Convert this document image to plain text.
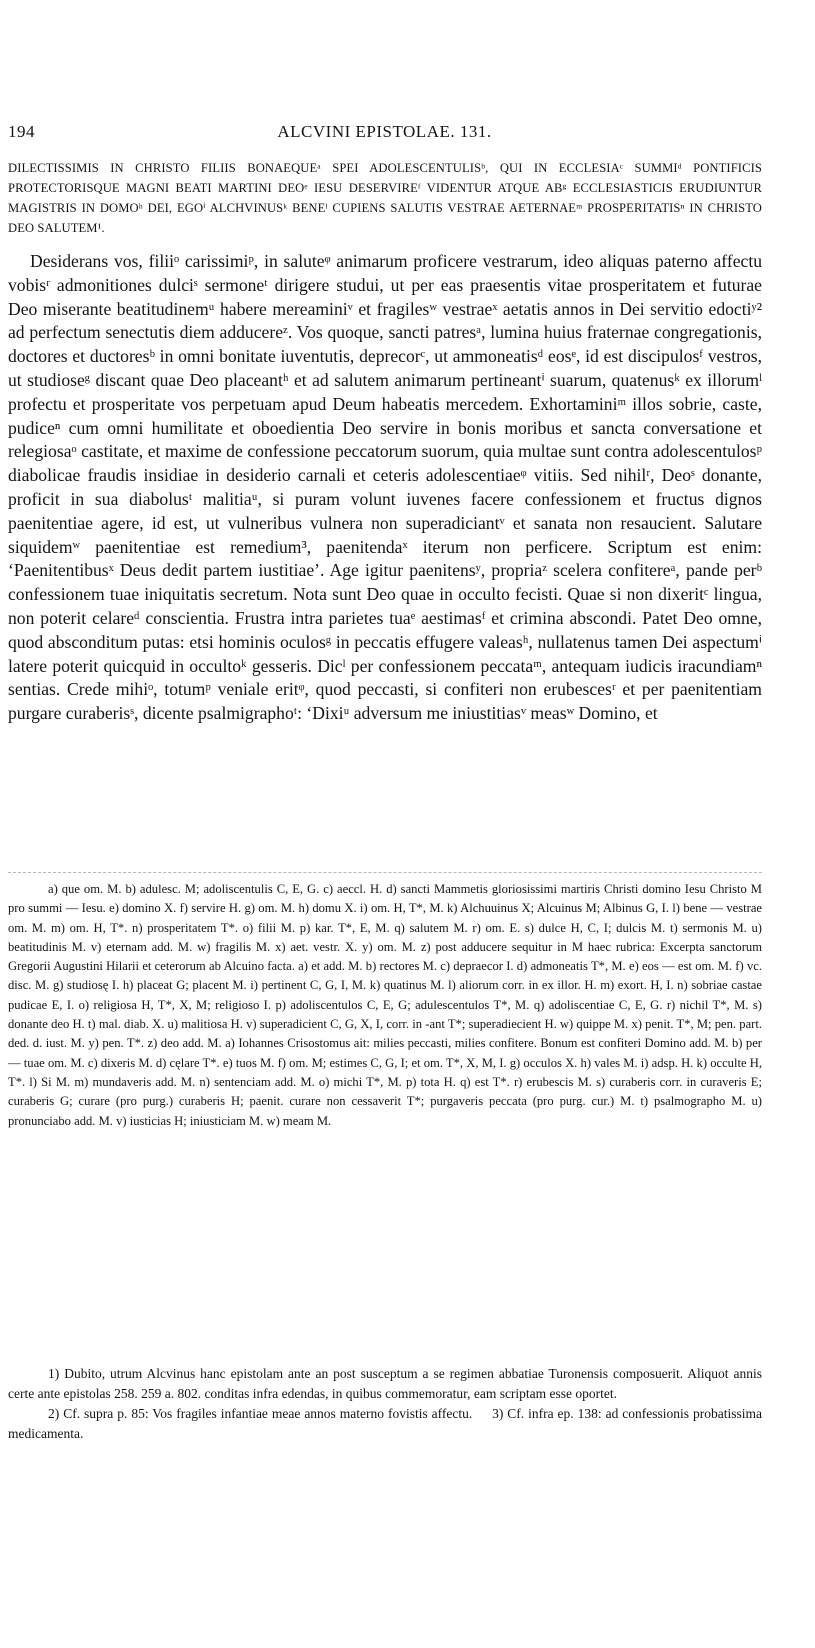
194	ALCVINI EPISTOLAE. 131.
DILECTISSIMIS IN CHRISTO FILIIS BONAEQUEᵃ SPEI ADOLESCENTULISᵇ, QUI IN ECCLESIAᶜ SUMMIᵈ PONTIFICIS PROTECTORISQUE MAGNI BEATI MARTINI DEOᵉ IESU DESERVIREᶠ VIDENTUR ATQUE ABᵍ ECCLESIASTICIS ERUDIUNTUR MAGISTRIS IN DOMOʰ DEI, EGOⁱ ALCHVINUSᵏ BENEˡ CUPIENS SALUTIS VESTRAE AETERNAEᵐ PROSPERITATISⁿ IN CHRISTO DEO SALUTEM¹.

Desiderans vos, filiiᵒ carissimiᵖ, in saluteᵠ animarum proficere vestrarum, ideo aliquas paterno affectu vobisʳ admonitiones dulciˢ sermoneᵗ dirigere studui, ut per eas praesentis vitae prosperitatem et futurae Deo miserante beatitudinemᵘ habere mereaminiᵛ et fragilesʷ vestraeˣ aetatis annos in Dei servitio edoctiʸ² ad perfectum senectutis diem adducereᶻ. Vos quoque, sancti patresᵃ, lumina huius fraternae congregationis, doctores et ductoresᵇ in omni bonitate iuventutis, deprecorᶜ, ut ammoneatisᵈ eosᵉ, id est discipulosᶠ vestros, ut studioseᵍ discant quae Deo placeantʰ et ad salutem animarum pertineantⁱ suarum, quatenusᵏ ex illorumˡ profectu et prosperitate vos perpetuam apud Deum habeatis mercedem. Exhortaminiᵐ illos sobrie, caste, pudiceⁿ cum omni humilitate et oboedientia Deo servire in bonis moribus et sancta conversatione et relegiosaᵒ castitate, et maxime de confessione peccatorum suorum, quia multae sunt contra adolescentulosᵖ diabolicae fraudis insidiae in desiderio carnali et ceteris adolescentiaeᵠ vitiis. Sed nihilʳ, Deoˢ donante, proficit in sua diabolusᵗ malitiaᵘ, si puram volunt iuvenes facere confessionem et fructus dignos paenitentiae agere, id est, ut vulneribus vulnera non superadiciantᵛ et sanata non resaucient. Salutare siquidemʷ paenitentiae est remedium³, paenitendaˣ iterum non perficere. Scriptum est enim: ‘Paenitentibusˣ Deus dedit partem iustitiae’. Age igitur paenitensʸ, propriaᶻ scelera confitereᵃ, pande perᵇ confessionem tuae iniquitatis secretum. Nota sunt Deo quae in occulto fecisti. Quae si non dixeritᶜ lingua, non poterit celareᵈ conscientia. Frustra intra parietes tuaᵉ aestimasᶠ et crimina abscondi. Patet Deo omne, quod absconditum putas: etsi hominis oculosᵍ in peccatis effugere valeasʰ, nullatenus tamen Dei aspectumⁱ latere poterit quicquid in occultoᵏ gesseris. Dicˡ per confessionem peccataᵐ, antequam iudicis iracundiamⁿ sentias. Crede mihiᵒ, totumᵖ veniale eritᵠ, quod peccasti, si confiteri non erubescesʳ et per paenitentiam purgare curaberisˢ, dicente psalmigraphoᵗ: ‘Dixiᵘ adversum me iniustitiasᵛ measʷ Domino, et

a) que om. M. b) adulesc. M; adoliscentulis C, E, G. c) aeccl. H. d) sancti Mammetis gloriosissimi martiris Christi domino Iesu Christo M pro summi — Iesu. e) domino X. f) servire H. g) om. M. h) domu X. i) om. H, T*, M. k) Alchuuinus X; Alcuinus M; Albinus G, I. l) bene — vestrae om. M. m) om. H, T*. n) prosperitatem T*. o) filii M. p) kar. T*, E, M. q) salutem M. r) om. E. s) dulce H, C, I; dulcis M. t) sermonis M. u) beatitudinis M. v) eternam add. M. w) fragilis M. x) aet. vestr. X. y) om. M. z) post adducere sequitur in M haec rubrica: Excerpta sanctorum Gregorii Augustini Hilarii et ceterorum ab Alcuino facta. a) et add. M. b) rectores M. c) depraecor I. d) admoneatis T*, M. e) eos — est om. M. f) vc. disc. M. g) studiosę I. h) placeat G; placent M. i) pertinent C, G, I, M. k) quatinus M. l) aliorum corr. in ex illor. H. m) exort. H, I. n) sobriae castae pudicae E, I. o) religiosa H, T*, X, M; religioso I. p) adoliscentulos C, E, G; adulescentulos T*, M. q) adoliscentiae C, E, G. r) nichil T*, M. s) donante deo H. t) mal. diab. X. u) malitiosa H. v) superadicient C, G, X, I, corr. in -ant T*; superadiecient H. w) quippe M. x) penit. T*, M; pen. part. ded. d. iust. M. y) pen. T*. z) deo add. M. a) Iohannes Crisostomus ait: milies peccasti, milies confitere. Bonum est confiteri Domino add. M. b) per — tuae om. M. c) dixeris M. d) cęlare T*. e) tuos M. f) om. M; estimes C, G, I; et om. T*, X, M, I. g) occulos X. h) vales M. i) adsp. H. k) occulte H, T*. l) Si M. m) mundaveris add. M. n) sentenciam add. M. o) michi T*, M. p) tota H. q) est T*. r) erubescis M. s) curaberis corr. in curaveris E; curaberis G; curare (pro purg.) curaberis H; paenit. curare non cessaverit T*; purgaveris peccata (pro purg. cur.) M. t) psalmographo M. u) pronunciabo add. M. v) iusticias H; iniusticiam M. w) meam M.

1) Dubito, utrum Alcvinus hanc epistolam ante an post susceptum a se regimen abbatiae Turonensis composuerit. Aliquot annis certe ante epistolas 258. 259 a. 802. conditas infra edendas, in quibus commemoratur, eam scriptam esse oportet.

2) Cf. supra p. 85: Vos fragiles infantiae meae annos materno fovistis affectu. 3) Cf. infra ep. 138: ad confessionis probatissima medicamenta.
